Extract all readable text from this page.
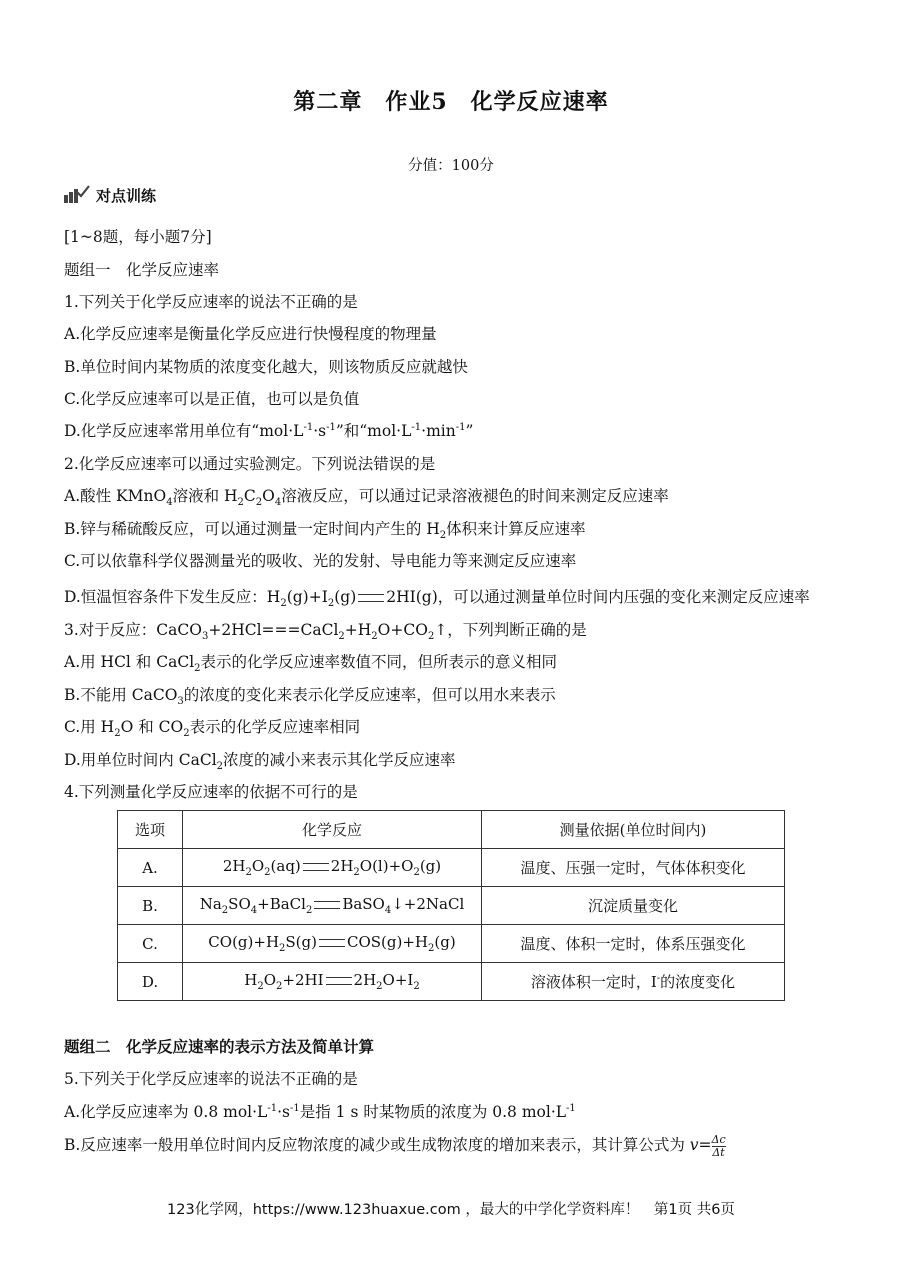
第二章　作业5　化学反应速率
分值：100分
对点训练
[1~8题，每小题7分]
题组一　化学反应速率
1.下列关于化学反应速率的说法不正确的是
A.化学反应速率是衡量化学反应进行快慢程度的物理量
B.单位时间内某物质的浓度变化越大，则该物质反应就越快
C.化学反应速率可以是正值，也可以是负值
D.化学反应速率常用单位有“$mol\cdot L^{-1}\cdot s^{-1}$”和“$mol\cdot L^{-1}\cdot\min^{-1}$”
2.化学反应速率可以通过实验测定。下列说法错误的是
A.酸性 KMnO$_4$溶液和 $H_2C_2O_4$溶液反应，可以通过记录溶液褪色的时间来测定反应速率
B.锌与稀硫酸反应，可以通过测量一定时间内产生的 $H_2$体积来计算反应速率
C.可以依靠科学仪器测量光的吸收、光的发射、导电能力等来测定反应速率
D.恒温恒容条件下发生反应：$H_2(g)+I_2(g)$ 2HI(g)，可以通过测量单位时间内压强的变化来测定反应速率
3.对于反应：$CaCO_3+2HCl===CaCl_2+H_2O+CO_2↑$，下列判断正确的是
A.用 HCl 和 CaCl$_2$表示的化学反应速率数值不同，但所表示的意义相同
B.不能用 CaCO$_3$的浓度的变化来表示化学反应速率，但可以用水来表示
C.用 $H_2O$ 和 $CO_2$表示的化学反应速率相同
D.用单位时间内 CaCl$_2$浓度的减小来表示其化学反应速率
4.下列测量化学反应速率的依据不可行的是
选项	化学反应	测量依据(单位时间内)
A.	$2H_2O_2(aq)$ $2H_2O(l)+O_2(g)$	温度、压强一定时，气体体积变化
B.	$Na_2SO_4+BaCl_2$ BaSO$_4$↓+2NaCl	沉淀质量变化
C.	$CO(g)+H_2S(g)$ $COS(g)+H_2(g)$	温度、体积一定时，体系压强变化
D.	$H_2O_2+2HI$ $2H_2O+I_2$	溶液体积一定时，I-的浓度变化
题组二　化学反应速率的表示方法及简单计算
5.下列关于化学反应速率的说法不正确的是
A.化学反应速率为 0.8 $mol\cdot L^{-1}\cdot s^{-1}$是指 1 s 时某物质的浓度为 0.8 $mol\cdot L^{-1}$
B.反应速率一般用单位时间内反应物浓度的减少或生成物浓度的增加来表示，其计算公式为 $v= \frac{\Delta c}{\Delta t}$
123化学网，https://www.123huaxue.com ，最大的中学化学资料库！　第1页 共6页
